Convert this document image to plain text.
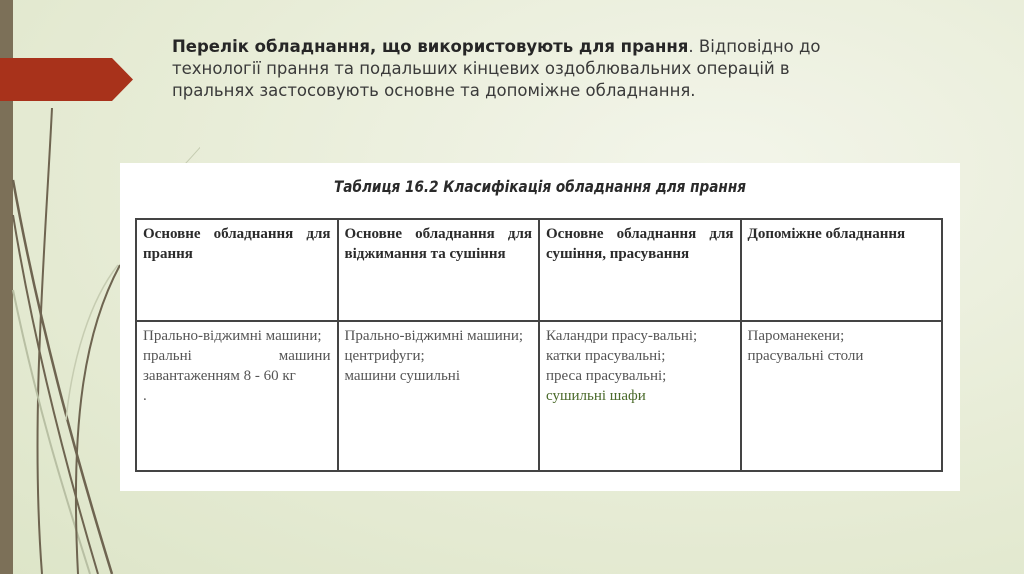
Перелік обладнання, що використовують для прання. Відповідно до технології прання та подальших кінцевих оздоблювальних операцій в пральнях застосовують основне та допоміжне обладнання.
Таблиця 16.2 Класифікація обладнання для прання
Основне обладнання для прання	Основне обладнання для віджимання та сушіння	Основне обладнання для сушіння, прасування	Допоміжне обладнання

Прально-віджимні машини;
пральні машини завантаженням 8 - 60 кг
.	Прально-віджимні машини;
центрифуги;
машини сушильні	Каландри прасу-вальні;
катки прасувальні;
преса прасувальні;
сушильні шафи	Пароманекени;
прасувальні столи
